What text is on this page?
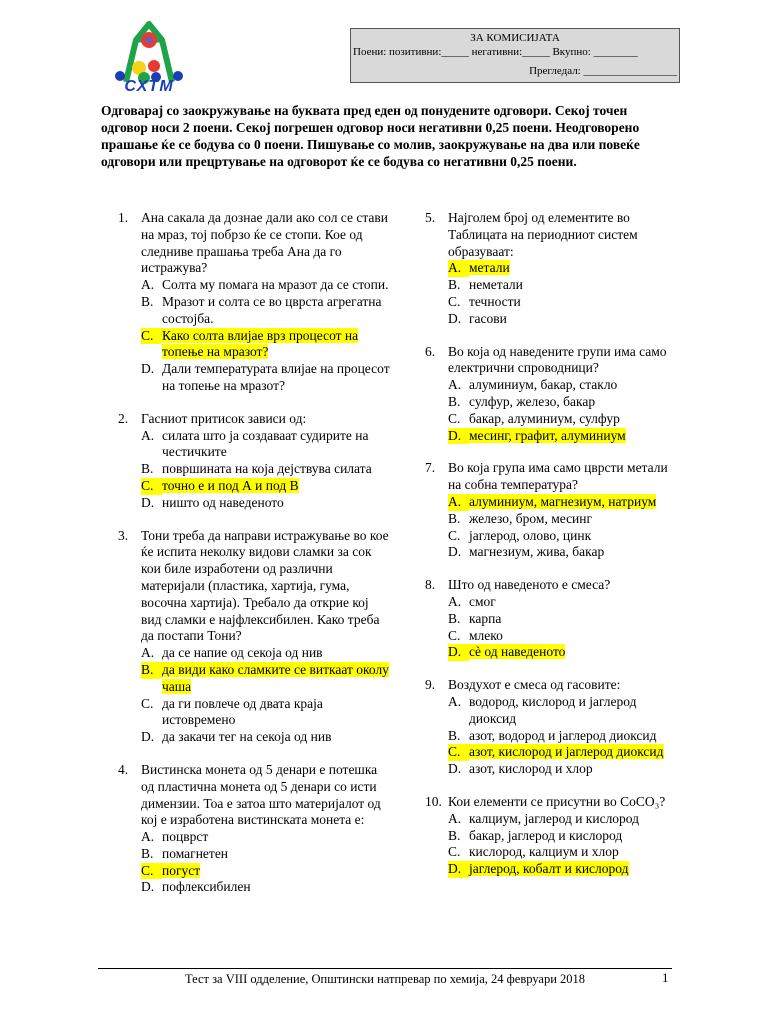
СХТМ
ЗА КОМИСИЈАТА
Поени: позитивни:_____ негативни:_____ Вкупно: ________
Прегледал: _________________
Одговарај со заокружување на буквата пред еден од понудените одговори. Секој точен одговор носи 2 поени. Секој погрешен одговор носи негативни 0,25 поени. Неодговорено прашање ќе се бодува со 0 поени. Пишување со молив, заокружување на два или повеќе одговори или прецртување на одговорот ќе се бодува со негативни 0,25 поени.
1. Ана сакала да дознае дали ако сол се стави на мраз, тој побрзо ќе се стопи. Кое од следниве прашања треба Ана да го истражува?
A. Солта му помага на мразот да се стопи.
B. Мразот и солта се во цврста агрегатна состојба.
C. Како солта влијае врз процесот на топење на мразот?
D. Дали температурата влијае на процесот на топење на мразот?
2. Гасниот притисок зависи од:
A. силата што ја создаваат судирите на честичките
B. површината на која дејствува силата
C. точно е и под А и под В
D. ништо од наведеното
3. Тони треба да направи истражување во кое ќе испита неколку видови сламки за сок кои биле изработени од различни материјали (пластика, хартија, гума, восочна хартија). Требало да открие кој вид сламки е најфлексибилен. Како треба да постапи Тони?
A. да се напие од секоја од нив
B. да види како сламките се виткаат околу чаша
C. да ги повлече од двата краја истовремено
D. да закачи тег на секоја од нив
4. Вистинска монета од 5 денари е потешка од пластична монета од 5 денари со исти димензии. Тоа е затоа што материјалот од кој е изработена вистинската монета е:
A. поцврст
B. помагнетен
C. погуст
D. пофлексибилен
5. Најголем број од елементите во Таблицата на периодниот систем образуваат:
A. метали
B. неметали
C. течности
D. гасови
6. Во која од наведените групи има само електрични спроводници?
A. алуминиум, бакар, стакло
B. сулфур, железо, бакар
C. бакар, алуминиум, сулфур
D. месинг, графит, алуминиум
7. Во која група има само цврсти метали на собна температура?
A. алуминиум, магнезиум, натриум
B. железо, бром, месинг
C. јаглерод, олово, цинк
D. магнезиум, жива, бакар
8. Што од наведеното е смеса?
A. смог
B. карпа
C. млеко
D. сè од наведеното
9. Воздухот е смеса од гасовите:
A. водород, кислород и јаглерод диоксид
B. азот, водород и јаглерод диоксид
C. азот, кислород и јаглерод диоксид
D. азот, кислород и хлор
10. Кои елементи се присутни во CoCO₃?
A. калциум, јаглерод и кислород
B. бакар, јаглерод и кислород
C. кислород, калциум и хлор
D. јаглерод, кобалт и кислород
Тест за VIII одделение, Општински натпревар по хемија, 24 февруари 2018	1
